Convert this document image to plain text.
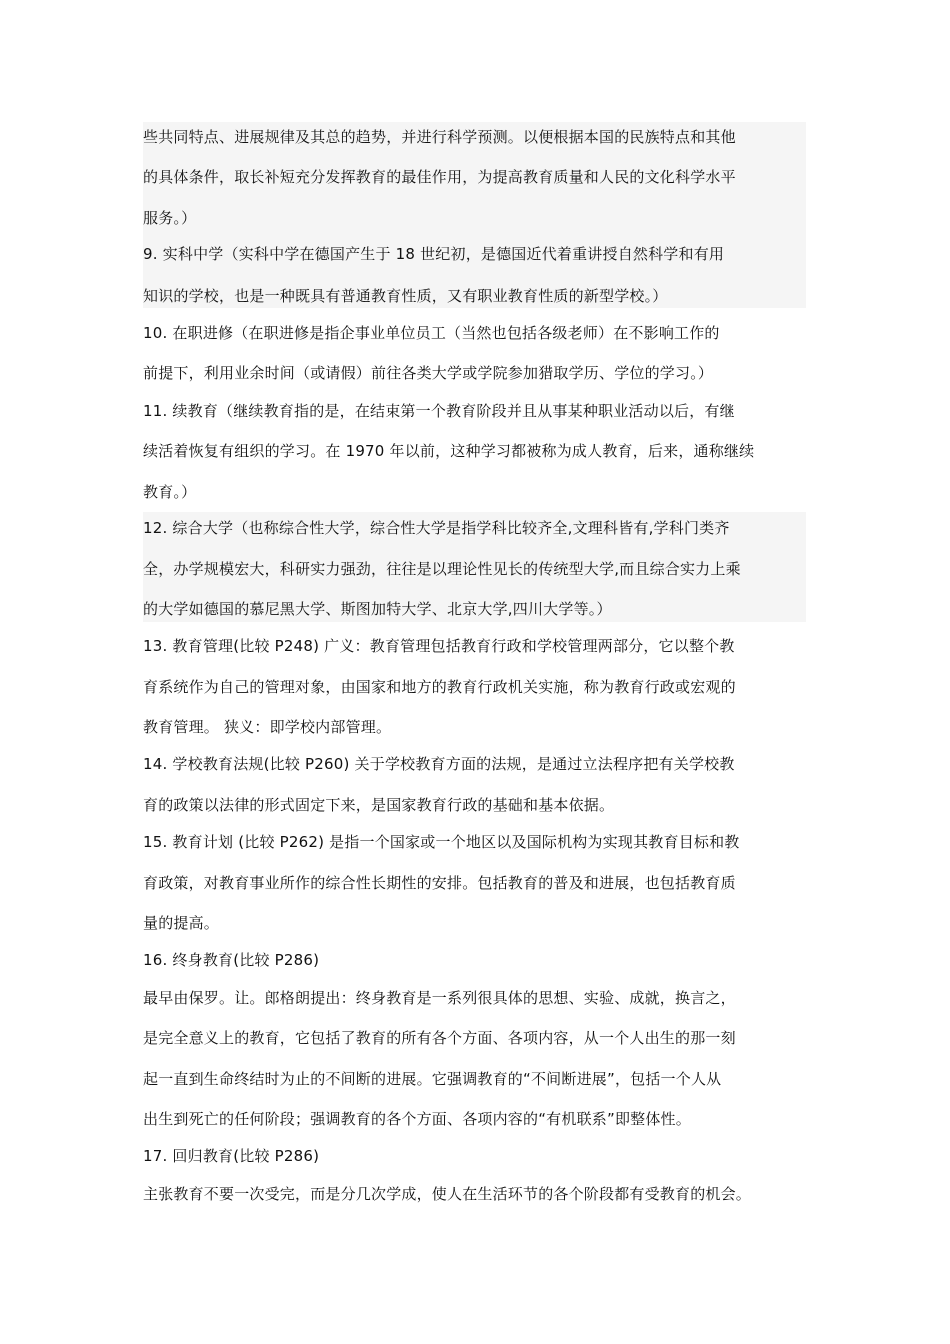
些共同特点、进展规律及其总的趋势，并进行科学预测。以便根据本国的民族特点和其他
的具体条件，取长补短充分发挥教育的最佳作用，为提高教育质量和人民的文化科学水平
服务。）
9. 实科中学（实科中学在德国产生于 18 世纪初，是德国近代着重讲授自然科学和有用
知识的学校，也是一种既具有普通教育性质，又有职业教育性质的新型学校。）
10. 在职进修（在职进修是指企事业单位员工（当然也包括各级老师）在不影响工作的
前提下，利用业余时间（或请假）前往各类大学或学院参加猎取学历、学位的学习。）
11. 续教育（继续教育指的是，在结束第一个教育阶段并且从事某种职业活动以后，有继
续活着恢复有组织的学习。在 1970 年以前，这种学习都被称为成人教育，后来，通称继续
教育。）
12. 综合大学（也称综合性大学，综合性大学是指学科比较齐全,文理科皆有,学科门类齐
全，办学规模宏大，科研实力强劲，往往是以理论性见长的传统型大学,而且综合实力上乘
的大学如德国的慕尼黑大学、斯图加特大学、北京大学,四川大学等。）
13. 教育管理(比较 P248) 广义：教育管理包括教育行政和学校管理两部分，它以整个教
育系统作为自己的管理对象，由国家和地方的教育行政机关实施，称为教育行政或宏观的
教育管理。 狭义：即学校内部管理。
14. 学校教育法规(比较 P260) 关于学校教育方面的法规，是通过立法程序把有关学校教
育的政策以法律的形式固定下来，是国家教育行政的基础和基本依据。
15. 教育计划 (比较 P262) 是指一个国家或一个地区以及国际机构为实现其教育目标和教
育政策，对教育事业所作的综合性长期性的安排。包括教育的普及和进展，也包括教育质
量的提高。
16. 终身教育(比较 P286)
最早由保罗。让。郎格朗提出：终身教育是一系列很具体的思想、实验、成就，换言之，
是完全意义上的教育，它包括了教育的所有各个方面、各项内容，从一个人出生的那一刻
起一直到生命终结时为止的不间断的进展。它强调教育的“不间断进展”，包括一个人从
出生到死亡的任何阶段；强调教育的各个方面、各项内容的“有机联系”即整体性。
17. 回归教育(比较 P286)
主张教育不要一次受完，而是分几次学成，使人在生活环节的各个阶段都有受教育的机会。
